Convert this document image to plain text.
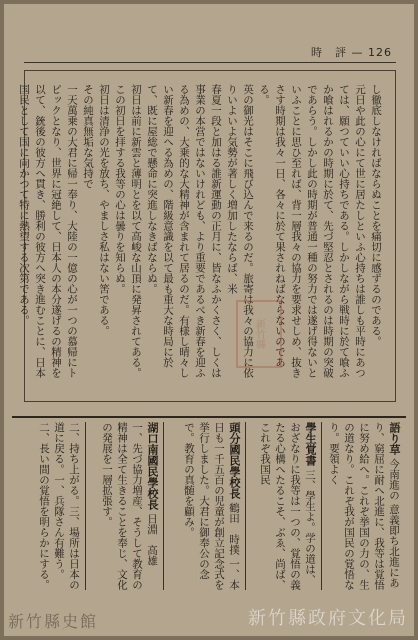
時　評 — 126

し徹底しなければならぬことを痛切に感ずるのである。

元日や此の心にて世に居たしといふ心持ちは誰しも平時にあつては、願つていい心持ちである。しかしながら戦時に於て喰ふか喰はれるかの時期に於て、先づ堅忍とされるのは時期の突破であらう。しかし此の時期が普通一種の努力では遂げ得ないといふことに思ひ至れば、背一層我々の協力を要求せしめ、抜きさす時期は我々一日、各々に於て果されねばならないのである。

英の御光はそこに飛び込んで来るのだ。旅寄は我々の協力に依りいよいよ気勢が著しく増加したならば、米

春夏一段と加はる誰新運動の正月に、皆なふかくさく、しくは事業の本営ではないけれども、より重要であるべき新春を迎ふる為めの、大乗的な大精神が含まれて居るのだ。有様し晴々しい新春を迎へる為めの、階級意識を以て最も重大な時局に於て、既に屋総で懸命に突進しなきばならぬ。

初日は前に新雲と薄明とを以て高峻な山頂に発昇されてある。この初日を拝する我等の心は曇りを知らぬ。

初日は清浄の光を放ち、やましさ私はない筈である。

その純真無垢な気持で

一天萬乗の大君に帰一奉り、大陸の一億の心が一つの慕帰にトピックとなり、世界に冠絶して、日本人の本分遂げるの精神を以て、銃後の彼方へ貫き、勝利の彼方へ突き進むことに、日本国民として国に向かつて特に熱望する次第である。

新竹縣
語り草 今南進の 意義即ち北進にあり、窮屈に耐へ北進に、我等は覚悟に努め給へ。これぞ挙国の力の、生の道なり。これぞ我が国民の覚悟なり。要領よく
學生覚書 三、學生よ。学の道は、おざなりに我等は一つの、覚悟の義たる心構へたるこそ、ぶゑ、尚ば、これぞ我国民
頭分國民學校長 鶴田　時撲 一、本日も一千五百の児童が創立記念式を挙行しました。大君に御奉公の念で。教育の真髄を顧み。
湖口南國民學校長 日淵　高雄 一、先づ協力増産、そうして教育の精神は全て生きることを奉じ、文化の発展を一層拡張す。
二、持ち上がる。三、場所は日本の道に戻る。一、兵隊さん有難う。二、長い間の覚悟を明らかにする。
新竹縣政府文化局
新竹縣史館
